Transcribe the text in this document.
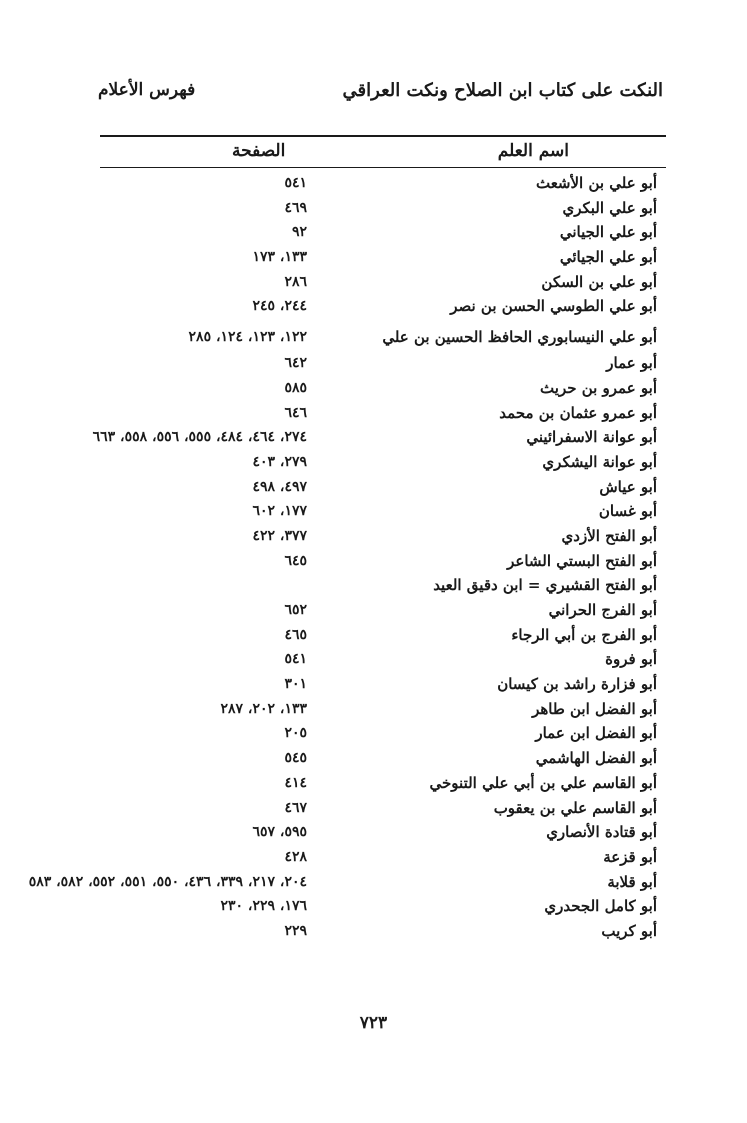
النكت على كتاب ابن الصلاح ونكت العراقي
فهرس الأعلام
اسم العلم
الصفحة
أبو علي بن الأشعث
٥٤١
أبو علي البكري
٤٦٩
أبو علي الجياني
٩٢
أبو علي الجيائي
١٣٣، ١٧٣
أبو علي بن السكن
٢٨٦
أبو علي الطوسي الحسن بن نصر
٢٤٤، ٢٤٥
أبو علي النيسابوري الحافظ الحسين بن علي
١٢٢، ١٢٣، ١٢٤، ٢٨٥
أبو عمار
٦٤٢
أبو عمرو بن حريث
٥٨٥
أبو عمرو عثمان بن محمد
٦٤٦
أبو عوانة الاسفرائيني
٢٧٤، ٤٦٤، ٤٨٤، ٥٥٥، ٥٥٦، ٥٥٨، ٦٦٣
أبو عوانة اليشكري
٢٧٩، ٤٠٣
أبو عياش
٤٩٧، ٤٩٨
أبو غسان
١٧٧، ٦٠٢
أبو الفتح الأزدي
٣٧٧، ٤٢٢
أبو الفتح البستي الشاعر
٦٤٥
أبو الفتح القشيري = ابن دقيق العيد
أبو الفرج الحراني
٦٥٢
أبو الفرج بن أبي الرجاء
٤٦٥
أبو فروة
٥٤١
أبو فزارة راشد بن كيسان
٣٠١
أبو الفضل ابن طاهر
١٣٣، ٢٠٢، ٢٨٧
أبو الفضل ابن عمار
٢٠٥
أبو الفضل الهاشمي
٥٤٥
أبو القاسم علي بن أبي علي التنوخي
٤١٤
أبو القاسم علي بن يعقوب
٤٦٧
أبو قتادة الأنصاري
٥٩٥، ٦٥٧
أبو قزعة
٤٢٨
أبو قلابة
٢٠٤، ٢١٧، ٣٣٩، ٤٣٦، ٥٥٠، ٥٥١، ٥٥٢، ٥٨٢، ٥٨٣
أبو كامل الجحدري
١٧٦، ٢٢٩، ٢٣٠
أبو كريب
٢٢٩
٧٢٣
